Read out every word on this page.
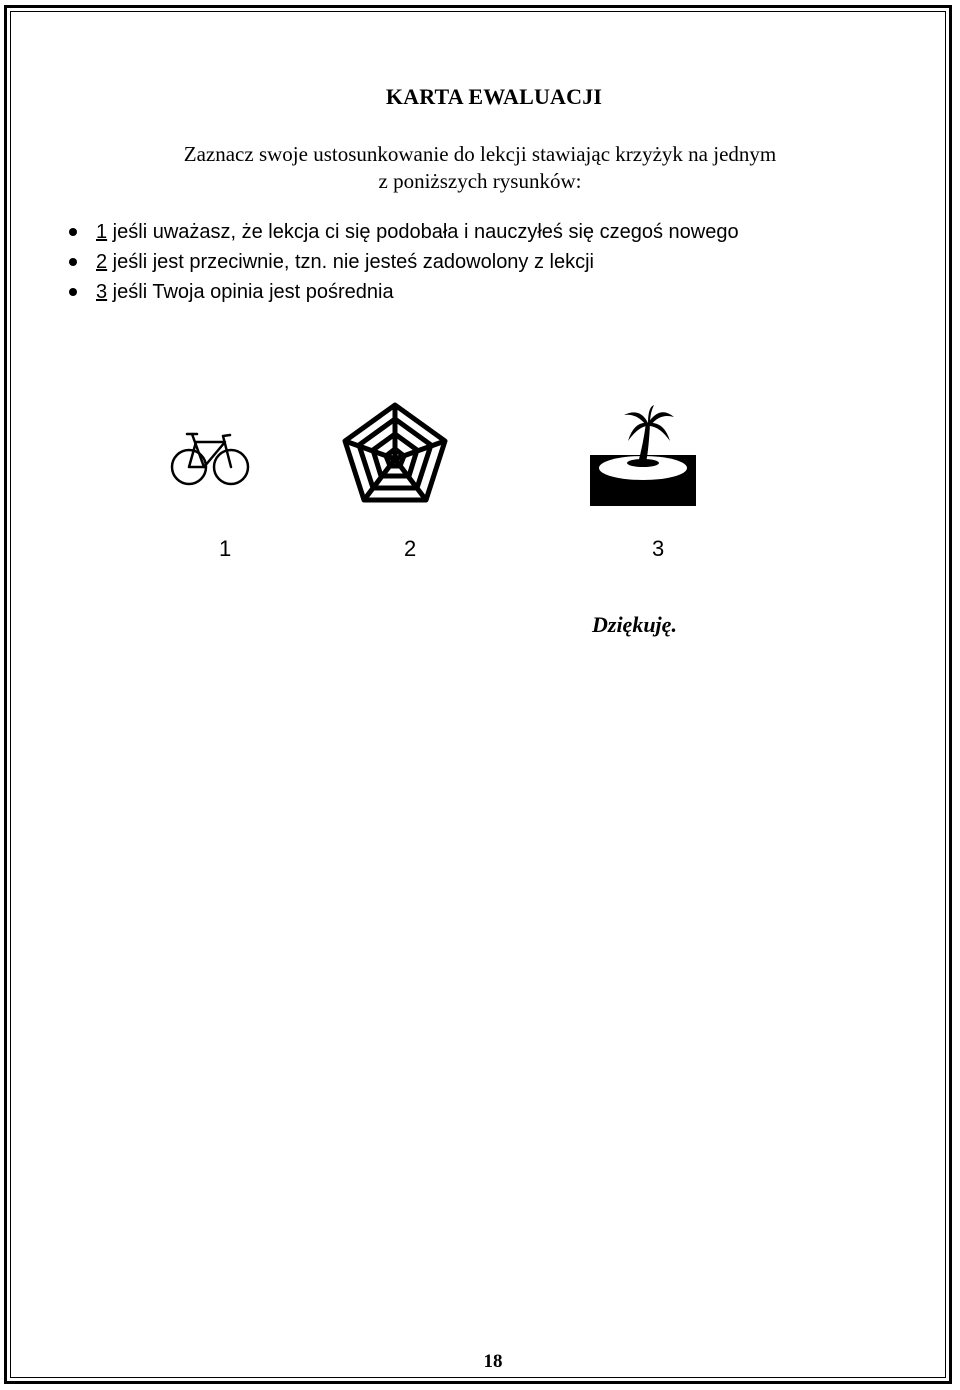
KARTA EWALUACJI
Zaznacz swoje ustosunkowanie do lekcji stawiając krzyżyk na jednym
z poniższych rysunków:
1 jeśli uważasz, że lekcja ci się podobała i nauczyłeś się czegoś nowego
2 jeśli jest przeciwnie, tzn. nie jesteś zadowolony z lekcji
3 jeśli Twoja opinia jest pośrednia
1	2	3
Dziękuję.
18
